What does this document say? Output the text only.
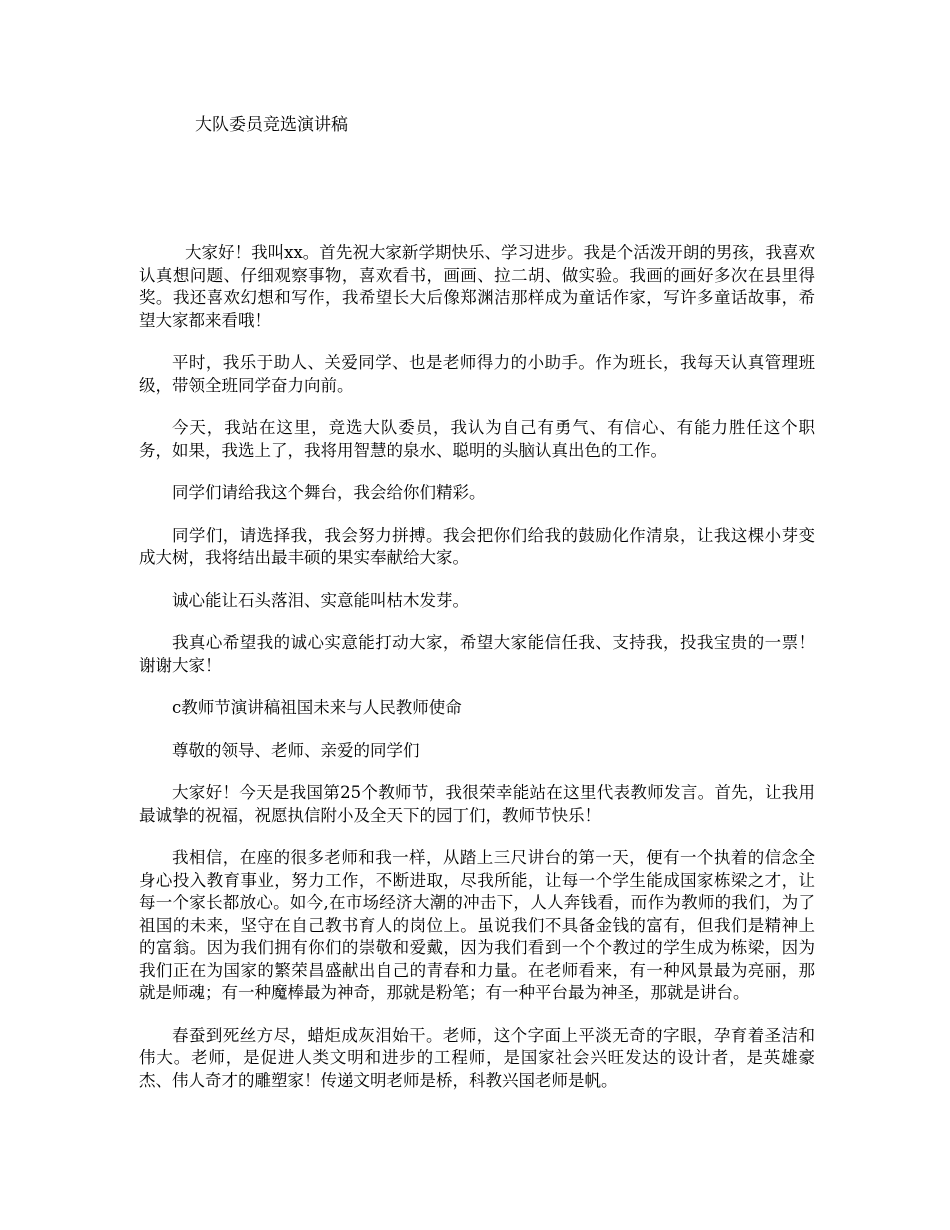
大队委员竞选演讲稿

大家好！我叫xx。首先祝大家新学期快乐、学习进步。我是个活泼开朗的男孩，我喜欢认真想问题、仔细观察事物，喜欢看书，画画、拉二胡、做实验。我画的画好多次在县里得奖。我还喜欢幻想和写作，我希望长大后像郑渊洁那样成为童话作家，写许多童话故事，希望大家都来看哦！

平时，我乐于助人、关爱同学、也是老师得力的小助手。作为班长，我每天认真管理班级，带领全班同学奋力向前。

今天，我站在这里，竞选大队委员，我认为自己有勇气、有信心、有能力胜任这个职务，如果，我选上了，我将用智慧的泉水、聪明的头脑认真出色的工作。

同学们请给我这个舞台，我会给你们精彩。

同学们，请选择我，我会努力拼搏。我会把你们给我的鼓励化作清泉，让我这棵小芽变成大树，我将结出最丰硕的果实奉献给大家。

诚心能让石头落泪、实意能叫枯木发芽。

我真心希望我的诚心实意能打动大家，希望大家能信任我、支持我，投我宝贵的一票！谢谢大家！

c教师节演讲稿祖国未来与人民教师使命

尊敬的领导、老师、亲爱的同学们

大家好！今天是我国第25个教师节，我很荣幸能站在这里代表教师发言。首先，让我用最诚挚的祝福，祝愿执信附小及全天下的园丁们，教师节快乐！

我相信，在座的很多老师和我一样，从踏上三尺讲台的第一天，便有一个执着的信念全身心投入教育事业，努力工作，不断进取，尽我所能，让每一个学生能成国家栋梁之才，让每一个家长都放心。如今,在市场经济大潮的冲击下，人人奔钱看，而作为教师的我们，为了祖国的未来，坚守在自己教书育人的岗位上。虽说我们不具备金钱的富有，但我们是精神上的富翁。因为我们拥有你们的崇敬和爱戴，因为我们看到一个个教过的学生成为栋梁，因为我们正在为国家的繁荣昌盛献出自己的青春和力量。在老师看来，有一种风景最为亮丽，那就是师魂；有一种魔棒最为神奇，那就是粉笔；有一种平台最为神圣，那就是讲台。

春蚕到死丝方尽，蜡炬成灰泪始干。老师，这个字面上平淡无奇的字眼，孕育着圣洁和伟大。老师，是促进人类文明和进步的工程师，是国家社会兴旺发达的设计者，是英雄豪杰、伟人奇才的雕塑家！传递文明老师是桥，科教兴国老师是帆。
